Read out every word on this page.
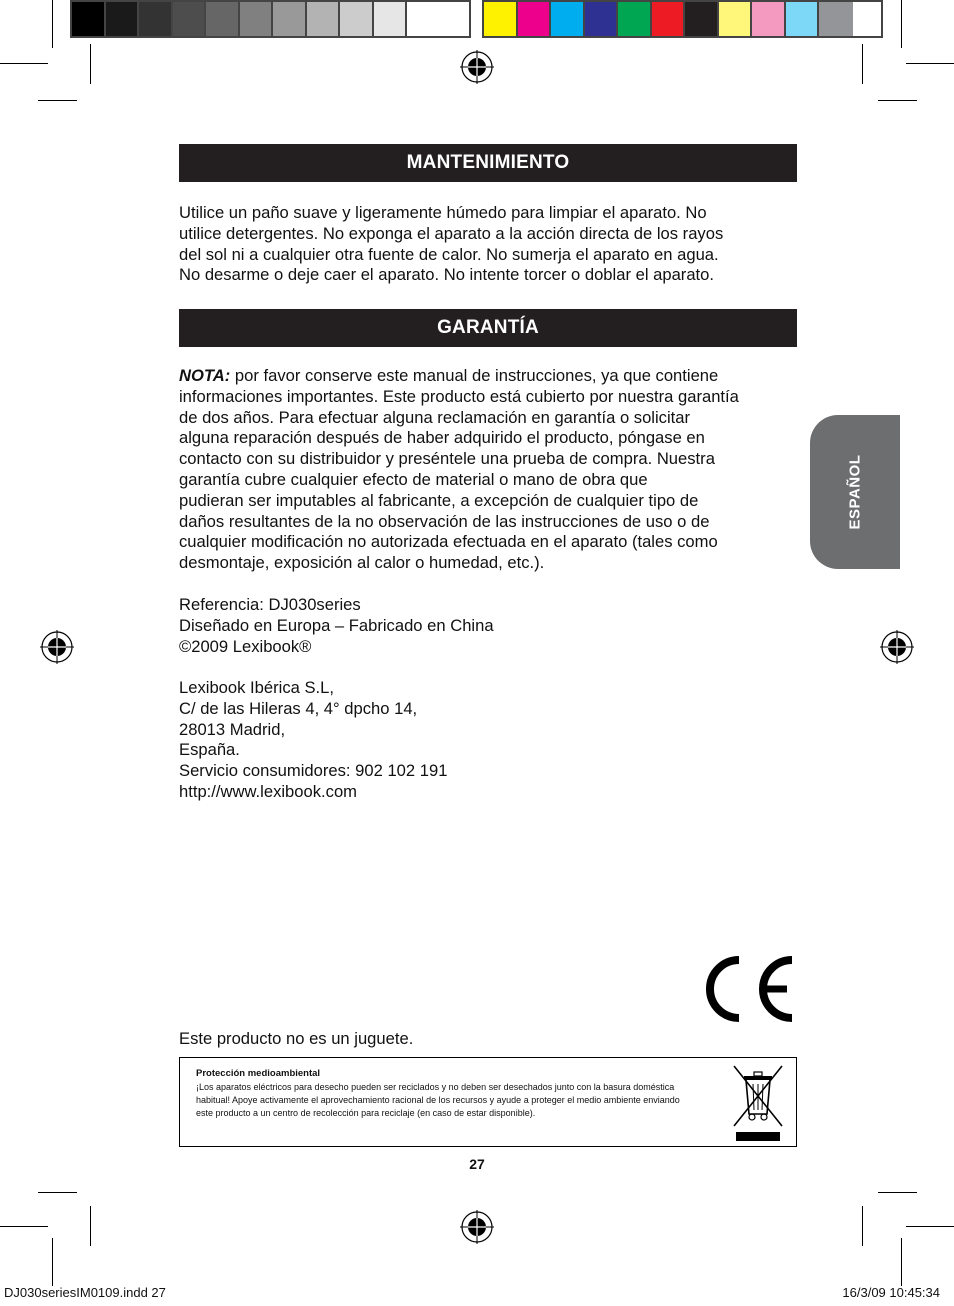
MANTENIMIENTO
Utilice un paño suave y ligeramente húmedo para limpiar el aparato. No
utilice detergentes. No exponga el aparato a la acción directa de los rayos
del sol ni a cualquier otra fuente de calor. No sumerja el aparato en agua.
No desarme o deje caer el aparato. No intente torcer o doblar el aparato.
GARANTÍA
NOTA: por favor conserve este manual de instrucciones, ya que contiene
informaciones importantes. Este producto está cubierto por nuestra garantía
de dos años. Para efectuar alguna reclamación en garantía o solicitar
alguna reparación después de haber adquirido el producto, póngase en
contacto con su distribuidor y preséntele una prueba de compra. Nuestra
garantía cubre cualquier efecto de material o mano de obra que
pudieran ser imputables al fabricante, a excepción de cualquier tipo de
daños resultantes de la no observación de las instrucciones de uso o de
cualquier modificación no autorizada efectuada en el aparato (tales como
desmontaje, exposición al calor o humedad, etc.).
Referencia: DJ030series
Diseñado en Europa – Fabricado en China
©2009 Lexibook®
Lexibook Ibérica S.L,
C/ de las Hileras 4, 4° dpcho 14,
28013 Madrid,
España.
Servicio consumidores: 902 102 191
http://www.lexibook.com
Este producto no es un juguete.
Protección medioambiental
¡Los aparatos eléctricos para desecho pueden ser reciclados y no deben ser desechados junto con la basura doméstica
habitual! Apoye activamente el aprovechamiento racional de los recursos y ayude a proteger el medio ambiente enviando
este producto a un centro de recolección para reciclaje (en caso de estar disponible).
ESPAÑOL
27
DJ030seriesIM0109.indd 27	16/3/09 10:45:34
